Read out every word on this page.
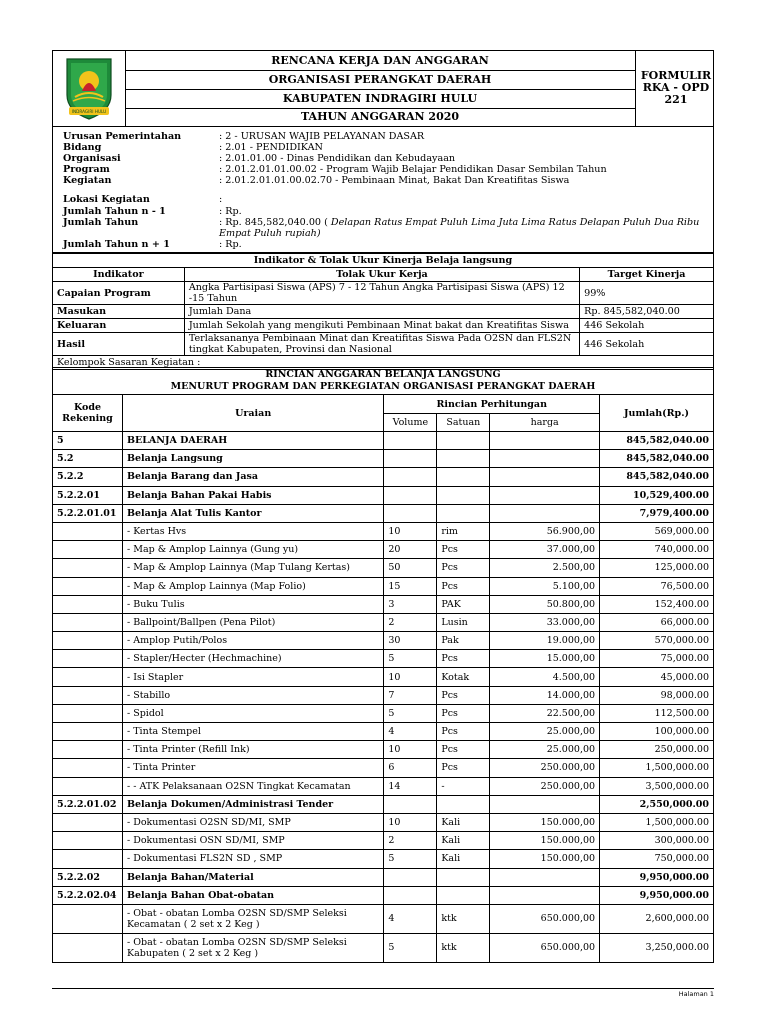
INDRAGIRI HULU
RENCANA KERJA DAN ANGGARAN
ORGANISASI PERANGKAT DAERAH
KABUPATEN INDRAGIRI HULU
TAHUN ANGGARAN 2020
FORMULIR
RKA - OPD
221
Urusan Pemerintahan	: 2 - URUSAN WAJIB PELAYANAN DASAR
Bidang	: 2.01 - PENDIDIKAN
Organisasi	: 2.01.01.00 - Dinas Pendidikan dan Kebudayaan
Program	: 2.01.2.01.01.00.02 - Program Wajib Belajar Pendidikan Dasar Sembilan Tahun
Kegiatan	: 2.01.2.01.01.00.02.70 - Pembinaan Minat, Bakat Dan Kreatifitas Siswa
Lokasi Kegiatan	:
Jumlah Tahun n - 1	: Rp.
Jumlah Tahun	: Rp. 845,582,040.00 ( Delapan Ratus Empat Puluh Lima Juta Lima Ratus Delapan Puluh Dua Ribu
Empat Puluh rupiah)
Jumlah Tahun n + 1	: Rp.
Indikator & Tolak Ukur Kinerja Belaja langsung		
Indikator	Tolak Ukur Kerja	Target Kinerja
Capaian Program	Angka Partisipasi Siswa (APS) 7 - 12 Tahun Angka Partisipasi Siswa (APS) 12 -15 Tahun	99%
Masukan	Jumlah Dana	Rp. 845,582,040.00
Keluaran	Jumlah Sekolah yang mengikuti Pembinaan Minat bakat dan Kreatifitas Siswa	446 Sekolah
Hasil	Terlaksananya Pembinaan Minat dan Kreatifitas Siswa Pada O2SN dan FLS2N tingkat Kabupaten, Provinsi dan Nasional	446 Sekolah
Kelompok Sasaran Kegiatan :		
RINCIAN ANGGARAN BELANJA LANGSUNG
MENURUT PROGRAM DAN PERKEGIATAN ORGANISASI PERANGKAT DAERAH					

Kode Rekening	Uraian	Rincian Perhitungan			Jumlah(Rp.)
		Volume	Satuan	harga	
5	BELANJA DAERAH				845,582,040.00
5.2	Belanja Langsung				845,582,040.00
5.2.2	Belanja Barang dan Jasa				845,582,040.00
5.2.2.01	Belanja Bahan Pakai Habis				10,529,400.00
5.2.2.01.01	Belanja Alat Tulis Kantor				7,979,400.00
	- Kertas Hvs	10	rim	56.900,00	569,000.00
	- Map & Amplop Lainnya (Gung yu)	20	Pcs	37.000,00	740,000.00
	- Map & Amplop Lainnya (Map Tulang Kertas)	50	Pcs	2.500,00	125,000.00
	- Map & Amplop Lainnya (Map Folio)	15	Pcs	5.100,00	76,500.00
	- Buku Tulis	3	PAK	50.800,00	152,400.00
	- Ballpoint/Ballpen (Pena Pilot)	2	Lusin	33.000,00	66,000.00
	- Amplop Putih/Polos	30	Pak	19.000,00	570,000.00
	- Stapler/Hecter (Hechmachine)	5	Pcs	15.000,00	75,000.00
	- Isi Stapler	10	Kotak	4.500,00	45,000.00
	- Stabillo	7	Pcs	14.000,00	98,000.00
	- Spidol	5	Pcs	22.500,00	112,500.00
	- Tinta Stempel	4	Pcs	25.000,00	100,000.00
	- Tinta Printer (Refill Ink)	10	Pcs	25.000,00	250,000.00
	- Tinta Printer	6	Pcs	250.000,00	1,500,000.00
	- - ATK Pelaksanaan O2SN Tingkat Kecamatan	14	-	250.000,00	3,500,000.00
5.2.2.01.02	Belanja Dokumen/Administrasi Tender				2,550,000.00
	- Dokumentasi O2SN SD/MI, SMP	10	Kali	150.000,00	1,500,000.00
	- Dokumentasi OSN SD/MI, SMP	2	Kali	150.000,00	300,000.00
	- Dokumentasi FLS2N SD , SMP	5	Kali	150.000,00	750,000.00
5.2.2.02	Belanja Bahan/Material				9,950,000.00
5.2.2.02.04	Belanja Bahan Obat-obatan				9,950,000.00
	- Obat - obatan Lomba O2SN SD/SMP Seleksi Kecamatan ( 2 set x 2 Keg )	4	ktk	650.000,00	2,600,000.00
	- Obat - obatan Lomba O2SN SD/SMP Seleksi Kabupaten ( 2 set x 2 Keg )	5	ktk	650.000,00	3,250,000.00
Halaman 1
